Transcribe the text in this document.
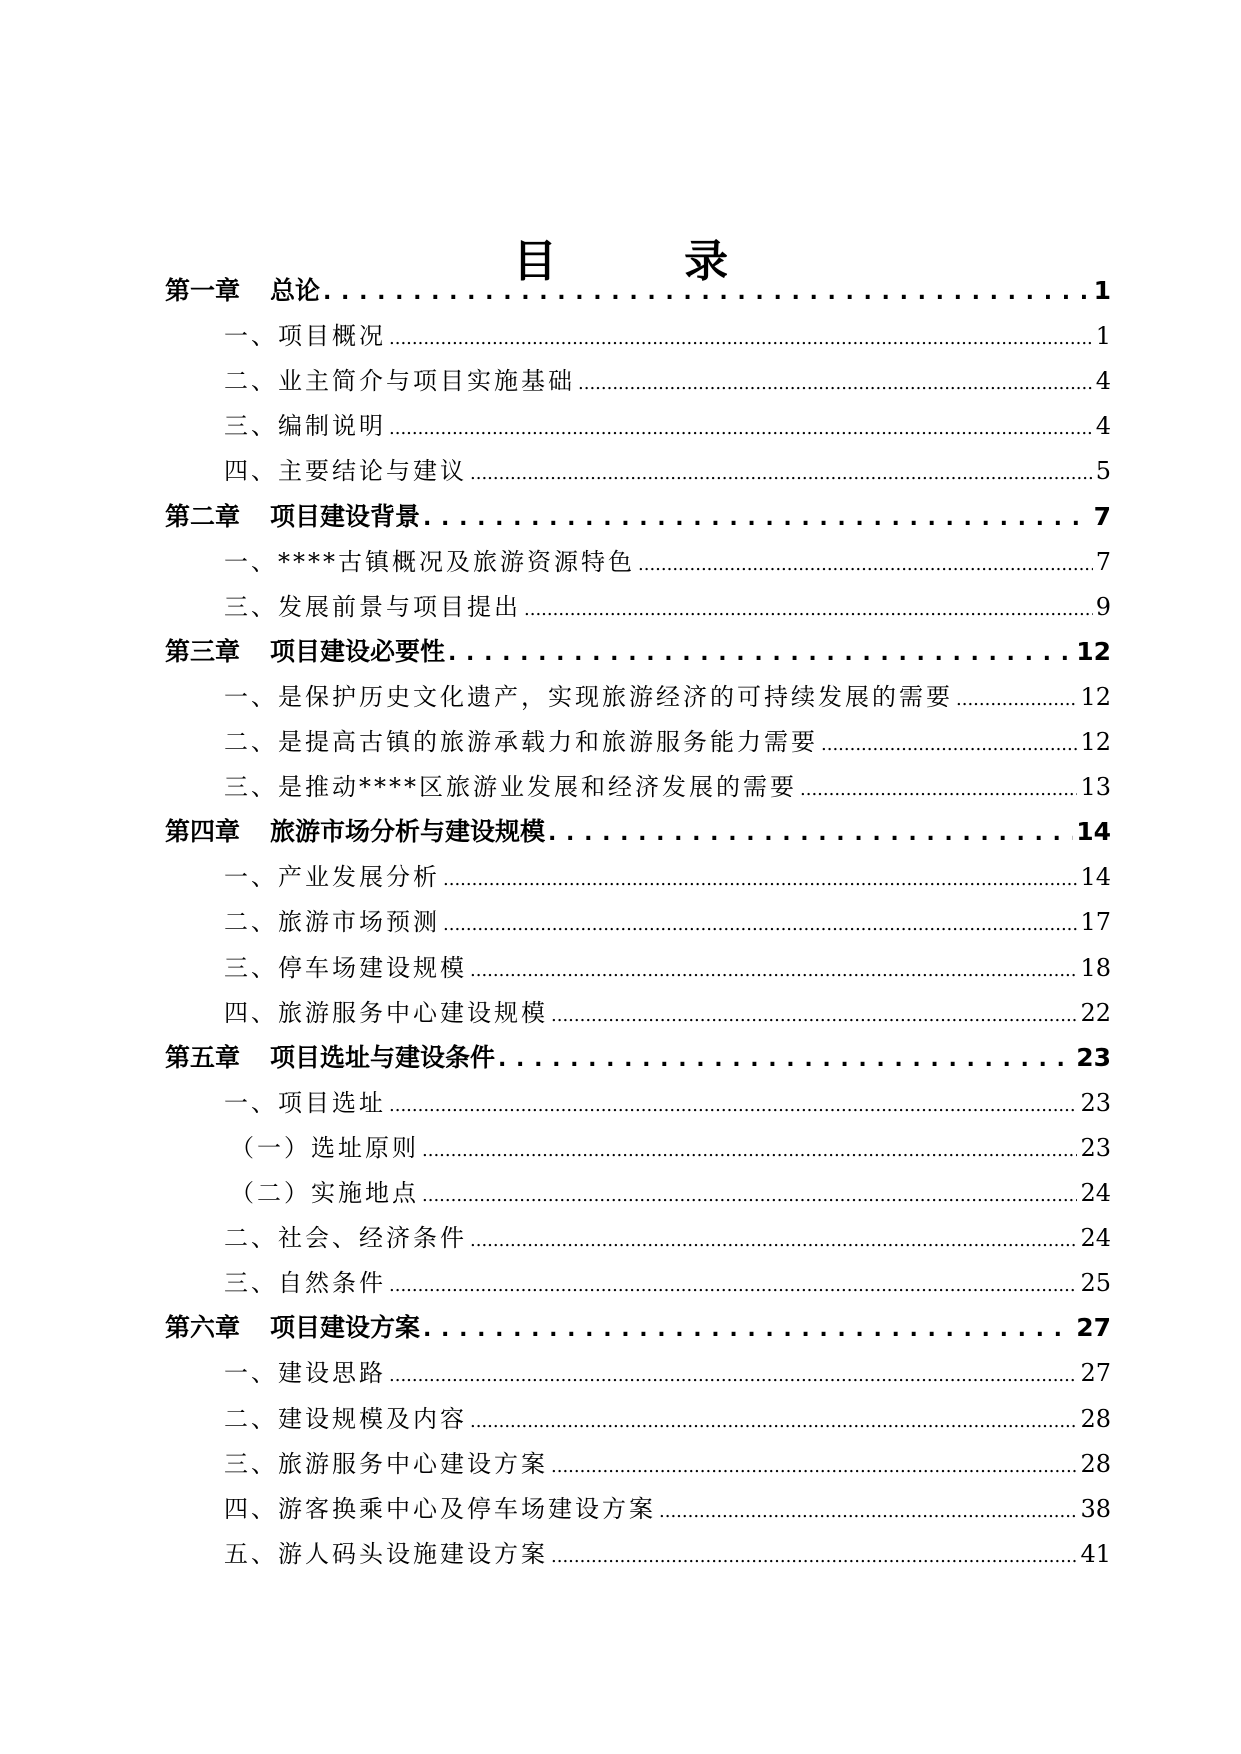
目 录
第一章 总论 . . .	1
一、项目概况 .....	1
二、业主简介与项目实施基础 .....	4
三、编制说明 .....	4
四、主要结论与建议 .....	5
第二章 项目建设背景 . . .	7
一、****古镇概况及旅游资源特色 .....	7
三、发展前景与项目提出 .....	9
第三章 项目建设必要性 . . .	12
一、是保护历史文化遗产，实现旅游经济的可持续发展的需要 .....	12
二、是提高古镇的旅游承载力和旅游服务能力需要 .....	12
三、是推动****区旅游业发展和经济发展的需要 .....	13
第四章 旅游市场分析与建设规模 . . .	14
一、产业发展分析 .....	14
二、旅游市场预测 .....	17
三、停车场建设规模 .....	18
四、旅游服务中心建设规模 .....	22
第五章 项目选址与建设条件 . . .	23
一、项目选址 .....	23
（一）选址原则 .....	23
（二）实施地点 .....	24
二、社会、经济条件 .....	24
三、自然条件 .....	25
第六章 项目建设方案 . . .	27
一、建设思路 .....	27
二、建设规模及内容 .....	28
三、旅游服务中心建设方案 .....	28
四、游客换乘中心及停车场建设方案 .....	38
五、游人码头设施建设方案 .....	41
